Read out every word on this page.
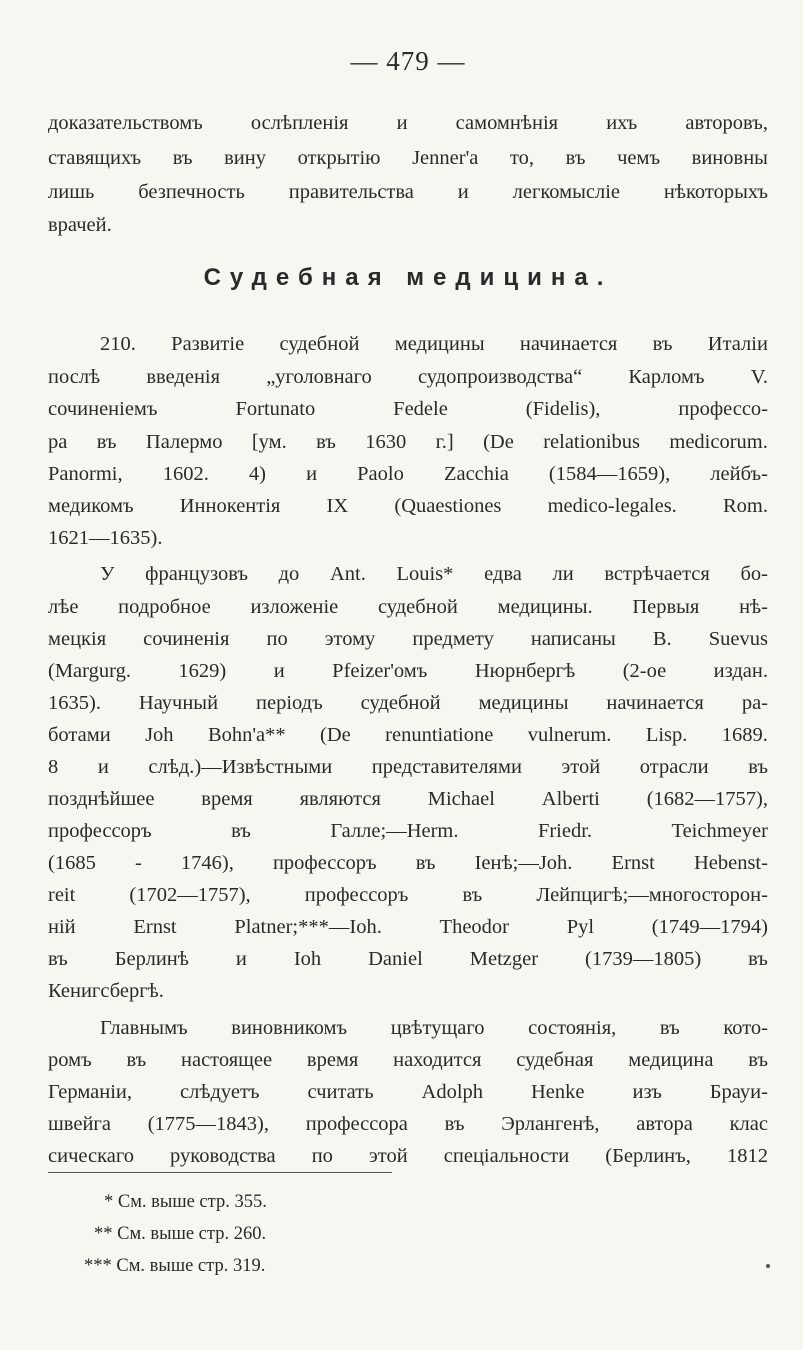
— 479 —
доказательствомъ ослѣпленія и самомнѣнія ихъ авторовъ,
ставящихъ въ вину открытію Jenner'a то, въ чемъ виновны
лишь безпечность правительства и легкомысліе нѣкоторыхъ
врачей.
Судебная медицина.
210. Развитіе судебной медицины начинается въ Италіи
послѣ введенія „уголовнаго судопроизводства“ Карломъ V.
сочиненіемъ	Fortunato	Fedele	(Fidelis),	профессо-
ра въ Палермо [ум. въ 1630 г.] (De relationibus medicorum.
Panormi, 1602. 4) и Paolo Zacchia (1584—1659), лейбъ-
медикомъ Иннокентія IX (Quaestiones medico-legales. Rom.
1621—1635).
У французовъ до Ant. Louis* едва ли встрѣчается бо-
лѣе подробное изложеніе судебной медицины. Первыя нѣ-
мецкія сочиненія по этому предмету написаны B. Suevus
(Margurg. 1629) и Pfeizer'омъ Нюрнбергѣ (2-ое издан.
1635). Научный періодъ судебной медицины начинается ра-
ботами Joh Bohn'a** (De renuntiatione vulnerum. Lisp. 1689.
8 и слѣд.)—Извѣстными представителями этой отрасли въ
позднѣйшее время являются Michael Alberti (1682—1757),
профессоръ	въ	Галле;—Herm.	Friedr.	Teichmeyer
(1685 - 1746), профессоръ въ Іенѣ;—Joh. Ernst Hebenst-
reit	(1702—1757),	профессоръ	въ	Лейпцигѣ;—многосторон-
ній	Ernst	Platner;***—Ioh.	Theodor	Pyl	(1749—1794)
въ Берлинѣ и Ioh Daniel Metzger (1739—1805) въ
Кенигсбергѣ.
Главнымъ виновникомъ цвѣтущаго состоянія, въ кото-
ромъ въ настоящее время находится судебная медицина въ
Германіи, слѣдуетъ считать Adolph Henke изъ Брауи-
швейга (1775—1843), профессора въ Эрлангенѣ, автора клас
сическаго руководства по этой спеціальности (Берлинъ, 1812
* См. выше стр. 355.
** См. выше стр. 260.
*** См. выше стр. 319.
